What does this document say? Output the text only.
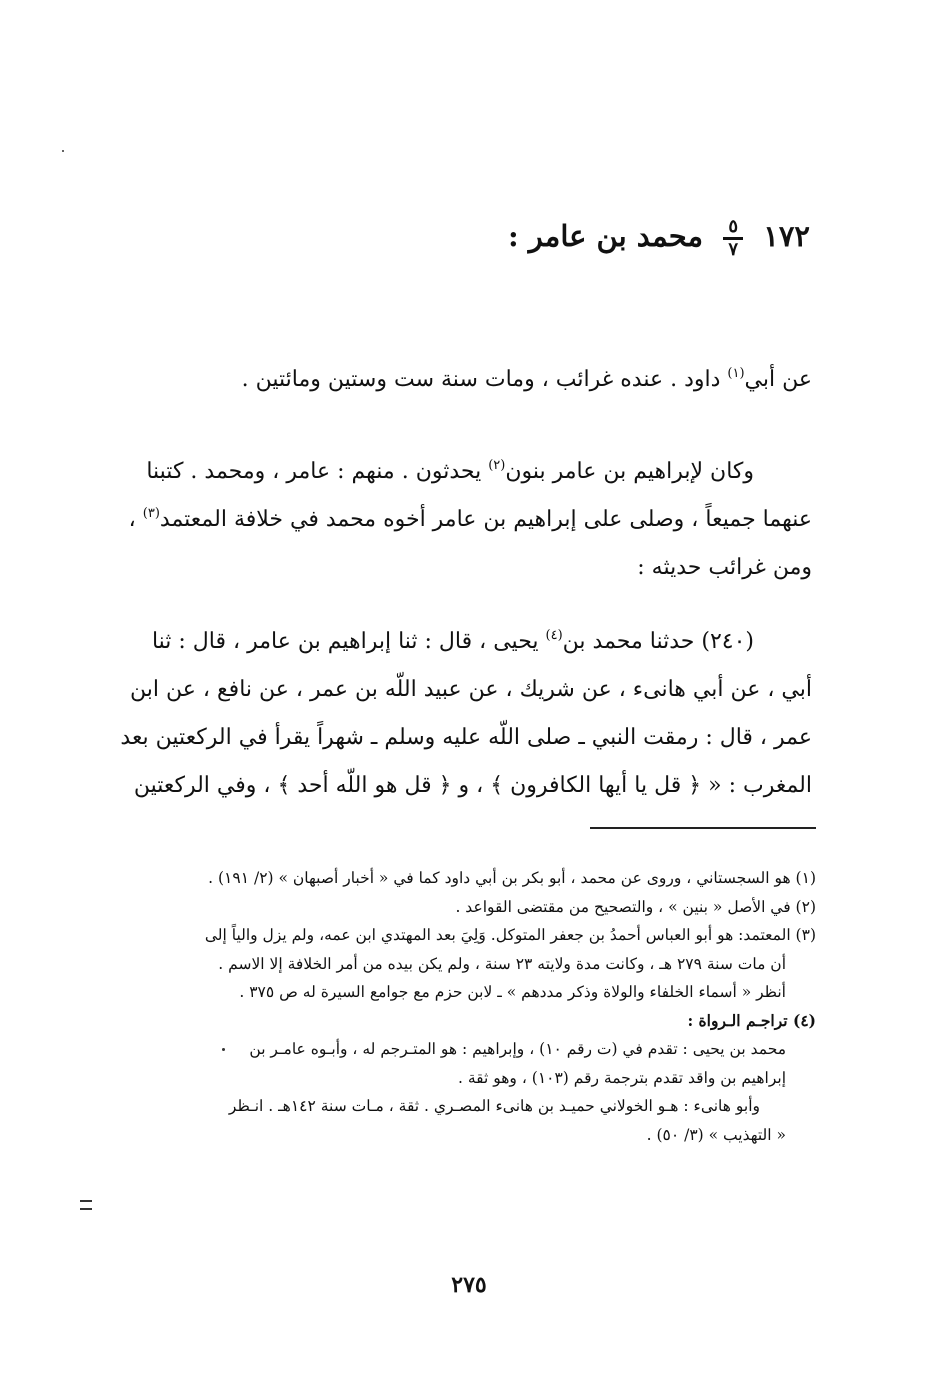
١٧٢
$\frac{٥}{٧}$
محمد بن عامر :
عن أبي$^{(١)}$ داود . عنده غرائب ، ومات سنة ست وستين ومائتين .
وكان لإبراهيم بن عامر بنون$^{(٢)}$ يحدثون . منهم : عامر ، ومحمد . كتبنا
عنهما جميعاً ، وصلى على إبراهيم بن عامر أخوه محمد في خلافة المعتمد$^{(٣)}$ ،
ومن غرائب حديثه :
(٢٤٠) حدثنا محمد بن$^{(٤)}$ يحيى ، قال : ثنا إبراهيم بن عامر ، قال : ثنا
أبي ، عن أبي هانىء ، عن شريك ، عن عبيد اللّه بن عمر ، عن نافع ، عن ابن
عمر ، قال : رمقت النبي ـ صلى اللّه عليه وسلم ـ شهراً يقرأ في الركعتين بعد
المغرب : « ﴿ قل يا أيها الكافرون ﴾ ، و ﴿ قل هو اللّه أحد ﴾ ، وفي الركعتين
(١) هو السجستاني ، وروى عن محمد ، أبو بكر بن أبي داود كما في « أخبار أصبهان » (٢/ ١٩١) .
(٢) في الأصل « بنين » ، والتصحيح من مقتضى القواعد .
(٣) المعتمد: هو أبو العباس أحمدُ بن جعفر المتوكل. وَلِيَ بعد المهتدي ابن عمه، ولم يزل والياً إلى
أن مات سنة ٢٧٩ هـ ، وكانت مدة ولايته ٢٣ سنة ، ولم يكن بيده من أمر الخلافة إلا الاسم .
أنظر « أسماء الخلفاء والولاة وذكر مددهم » ـ لابن حزم مع جوامع السيرة له ص ٣٧٥ .
(٤) تراجـم الـرواة :
محمد بن يحيى : تقدم في (ت رقم ١٠) ، وإبراهيم : هو المتـرجم له ، وأبـوه عامـر بن
إبراهيم بن واقد تقدم بترجمة رقم (١٠٣) ، وهو ثقة .
وأبو هانىء : هـو الخولاني حميـد بن هانىء المصـري . ثقة ، مـات سنة ١٤٢هـ . انـظر
« التهذيب » (٣/ ٥٠) .
٢٧٥
